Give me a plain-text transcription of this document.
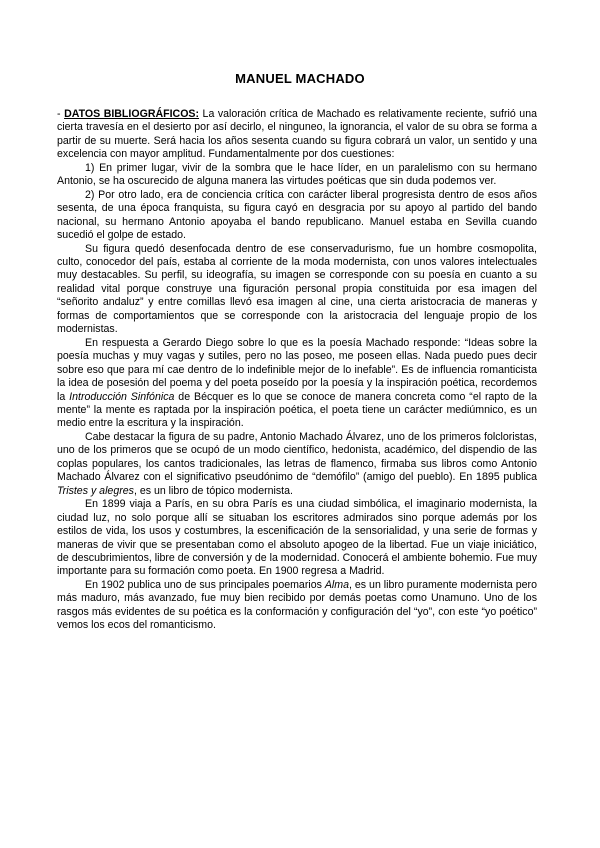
MANUEL MACHADO

- DATOS BIBLIOGRÁFICOS: La valoración crítica de Machado es relativamente reciente, sufrió una cierta travesía en el desierto por así decirlo, el ninguneo, la ignorancia, el valor de su obra se forma a partir de su muerte. Será hacia los años sesenta cuando su figura cobrará un valor, un sentido y una excelencia con mayor amplitud. Fundamentalmente por dos cuestiones:

1) En primer lugar, vivir de la sombra que le hace líder, en un paralelismo con su hermano Antonio, se ha oscurecido de alguna manera las virtudes poéticas que sin duda podemos ver.

2) Por otro lado, era de conciencia crítica con carácter liberal progresista dentro de esos años sesenta, de una época franquista, su figura cayó en desgracia por su apoyo al partido del bando nacional, su hermano Antonio apoyaba el bando republicano. Manuel estaba en Sevilla cuando sucedió el golpe de estado.

Su figura quedó desenfocada dentro de ese conservadurismo, fue un hombre cosmopolita, culto, conocedor del país, estaba al corriente de la moda modernista, con unos valores intelectuales muy destacables. Su perfil, su ideografía, su imagen se corresponde con su poesía en cuanto a su realidad vital porque construye una figuración personal propia constituida por esa imagen del “señorito andaluz” y entre comillas llevó esa imagen al cine, una cierta aristocracia de maneras y formas de comportamientos que se corresponde con la aristocracia del lenguaje propio de los modernistas.

En respuesta a Gerardo Diego sobre lo que es la poesía Machado responde: “Ideas sobre la poesía muchas y muy vagas y sutiles, pero no las poseo, me poseen ellas. Nada puedo pues decir sobre eso que para mí cae dentro de lo indefinible mejor de lo inefable”. Es de influencia romanticista la idea de posesión del poema y del poeta poseído por la poesía y la inspiración poética, recordemos la Introducción Sinfónica de Bécquer es lo que se conoce de manera concreta como “el rapto de la mente” la mente es raptada por la inspiración poética, el poeta tiene un carácter mediúmnico, es un medio entre la escritura y la inspiración.

Cabe destacar la figura de su padre, Antonio Machado Álvarez, uno de los primeros folcloristas, uno de los primeros que se ocupó de un modo científico, hedonista, académico, del dispendio de las coplas populares, los cantos tradicionales, las letras de flamenco, firmaba sus libros como Antonio Machado Álvarez con el significativo pseudónimo de “demófilo” (amigo del pueblo). En 1895 publica Tristes y alegres, es un libro de tópico modernista.

En 1899 viaja a París, en su obra París es una ciudad simbólica, el imaginario modernista, la ciudad luz, no solo porque allí se situaban los escritores admirados sino porque además por los estilos de vida, los usos y costumbres, la escenificación de la sensorialidad, y una serie de formas y maneras de vivir que se presentaban como el absoluto apogeo de la libertad. Fue un viaje iniciático, de descubrimientos, libre de conversión y de la modernidad. Conocerá el ambiente bohemio. Fue muy importante para su formación como poeta. En 1900 regresa a Madrid.

En 1902 publica uno de sus principales poemarios Alma, es un libro puramente modernista pero más maduro, más avanzado, fue muy bien recibido por demás poetas como Unamuno. Uno de los rasgos más evidentes de su poética es la conformación y configuración del “yo”, con este “yo poético” vemos los ecos del romanticismo.
